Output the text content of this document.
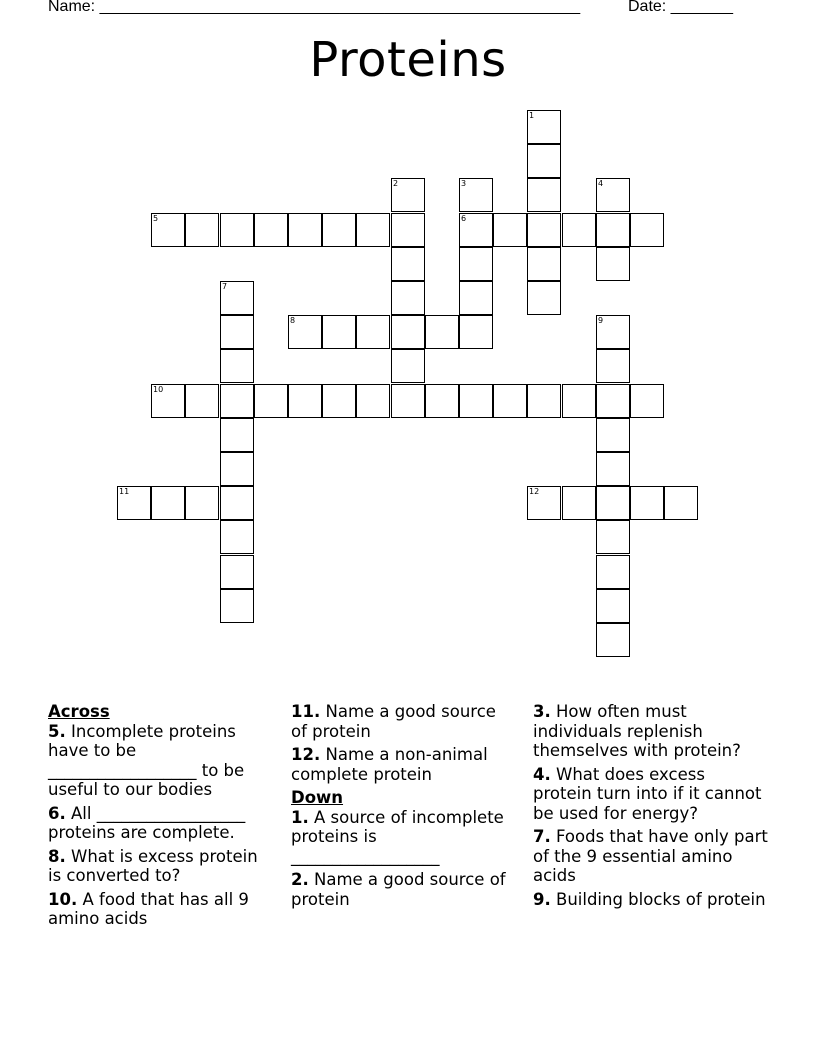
Name: ______________________________________________________	Date: _______
Proteins
1
2	3
6
4
5
7
8	9
10
11	12

Across

5. Incomplete proteins have to be __________________ to be useful to our bodies

6. All __________________ proteins are complete.

8. What is excess protein is converted to?

10. A food that has all 9 amino acids

11. Name a good source of protein

12. Name a non-animal complete protein

Down

1. A source of incomplete proteins is __________________

2. Name a good source of protein

3. How often must individuals replenish themselves with protein?

4. What does excess protein turn into if it cannot be used for energy?

7. Foods that have only part of the 9 essential amino acids

9. Building blocks of protein
